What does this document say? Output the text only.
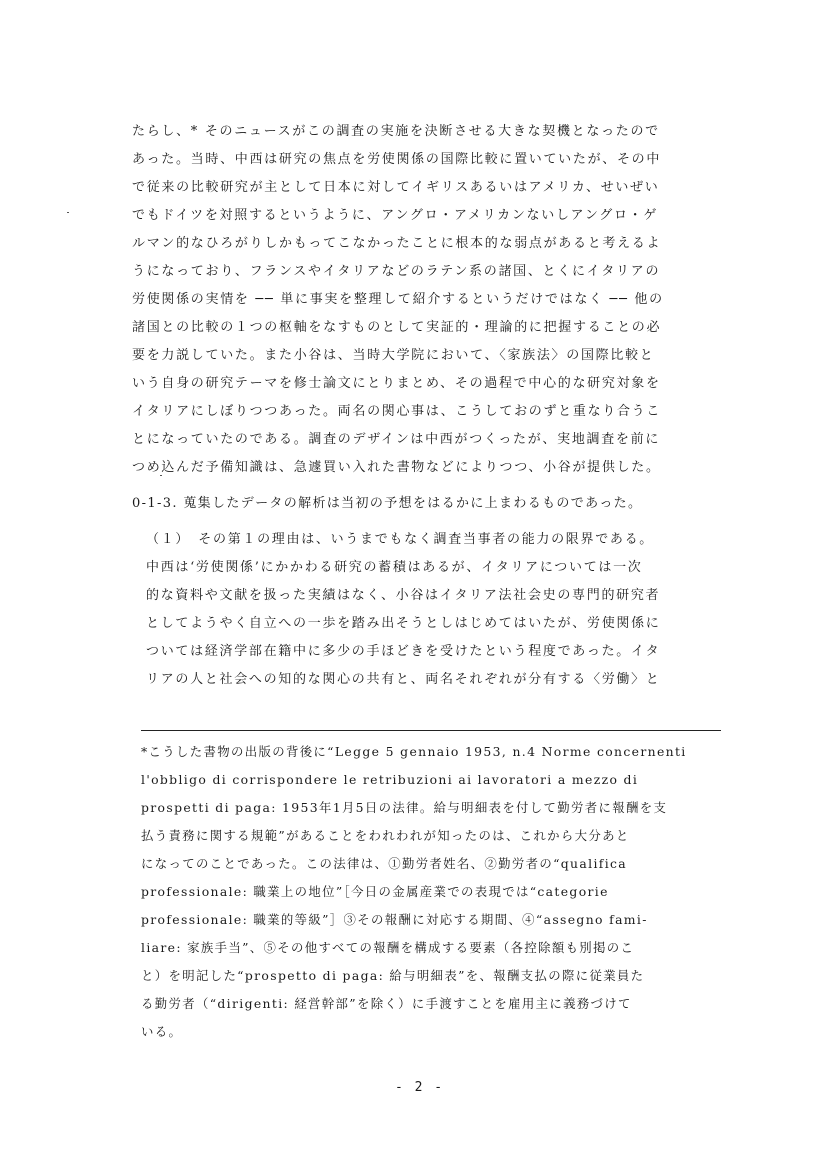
たらし、* そのニュースがこの調査の実施を決断させる大きな契機となったので
あった。当時、中西は研究の焦点を労使関係の国際比較に置いていたが、その中
で従来の比較研究が主として日本に対してイギリスあるいはアメリカ、せいぜい
でもドイツを対照するというように、アングロ・アメリカンないしアングロ・ゲ
ルマン的なひろがりしかもってこなかったことに根本的な弱点があると考えるよ
うになっており、フランスやイタリアなどのラテン系の諸国、とくにイタリアの
労使関係の実情を ── 単に事実を整理して紹介するというだけではなく ── 他の
諸国との比較の１つの枢軸をなすものとして実証的・理論的に把握することの必
要を力説していた。また小谷は、当時大学院において、〈家族法〉の国際比較と
いう自身の研究テーマを修士論文にとりまとめ、その過程で中心的な研究対象を
イタリアにしぼりつつあった。両名の関心事は、こうしておのずと重なり合うこ
とになっていたのである。調査のデザインは中西がつくったが、実地調査を前に
つめ込んだ予備知識は、急遽買い入れた書物などによりつつ、小谷が提供した。
0-1-3. 蒐集したデータの解析は当初の予想をはるかに上まわるものであった。
（１）　その第１の理由は、いうまでもなく調査当事者の能力の限界である。
中西は‘労使関係’にかかわる研究の蓄積はあるが、イタリアについては一次
的な資料や文献を扱った実績はなく、小谷はイタリア法社会史の専門的研究者
としてようやく自立への一歩を踏み出そうとしはじめてはいたが、労使関係に
ついては経済学部在籍中に多少の手ほどきを受けたという程度であった。イタ
リアの人と社会への知的な関心の共有と、両名それぞれが分有する〈労働〉と
*こうした書物の出版の背後に“Legge 5 gennaio 1953, n.4 Norme concernenti
l'obbligo di corrispondere le retribuzioni ai lavoratori a mezzo di
prospetti di paga: 1953年1月5日の法律。給与明細表を付して勤労者に報酬を支
払う責務に関する規範”があることをわれわれが知ったのは、これから大分あと
になってのことであった。この法律は、①勤労者姓名、②勤労者の“qualifica
professionale: 職業上の地位”［今日の金属産業での表現では“categorie
professionale: 職業的等級”］③その報酬に対応する期間、④“assegno fami-
liare: 家族手当”、⑤その他すべての報酬を構成する要素（各控除額も別掲のこ
と）を明記した“prospetto di paga: 給与明細表”を、報酬支払の際に従業員た
る勤労者（“dirigenti: 経営幹部”を除く）に手渡すことを雇用主に義務づけて
いる。
- 2 -
